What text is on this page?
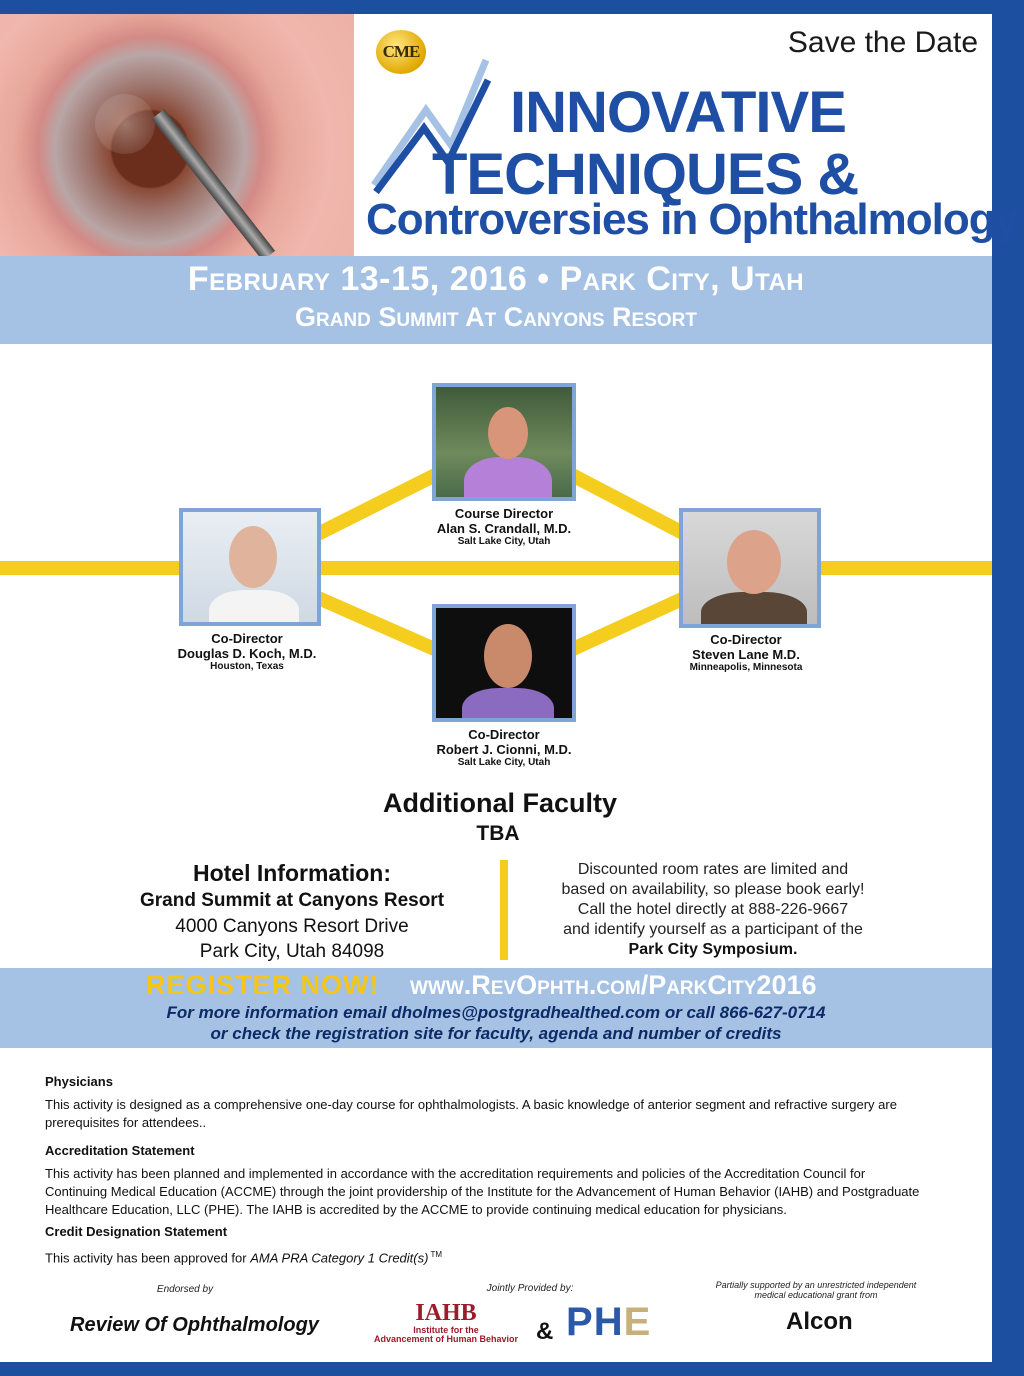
CME	Save the Date
INNOVATIVE
TECHNIQUES &
Controversies in Ophthalmology
February 13-15, 2016 • Park City, Utah
Grand Summit At Canyons Resort
Course Director
Alan S. Crandall, M.D.
Salt Lake City, Utah
Co-Director
Douglas D. Koch, M.D.
Houston, Texas
Co-Director
Steven Lane M.D.
Minneapolis, Minnesota
Co-Director
Robert J. Cionni, M.D.
Salt Lake City, Utah
Additional Faculty
TBA
Hotel Information:
Grand Summit at Canyons Resort
4000 Canyons Resort Drive
Park City, Utah 84098
Discounted room rates are limited and
based on availability, so please book early!
Call the hotel directly at 888-226-9667
and identify yourself as a participant of the
Park City Symposium.
REGISTER NOW! www.RevOphth.com/ParkCity2016
For more information email dholmes@postgradhealthed.com or call 866-627-0714
or check the registration site for faculty, agenda and number of credits
Physicians
This activity is designed as a comprehensive one-day course for ophthalmologists. A basic knowledge of anterior segment and refractive surgery are prerequisites for attendees..
Accreditation Statement
This activity has been planned and implemented in accordance with the accreditation requirements and policies of the Accreditation Council for Continuing Medical Education (ACCME) through the joint providership of the Institute for the Advancement of Human Behavior (IAHB) and Postgraduate Healthcare Education, LLC (PHE). The IAHB is accredited by the ACCME to provide continuing medical education for physicians.
Credit Designation Statement
This activity has been approved for AMA PRA Category 1 Credit(s) ™
Endorsed by
Review Of Ophthalmology
Jointly Provided by:
IAHB
Institute for the
Advancement of Human Behavior & PHE
Partially supported by an unrestricted independent
medical educational grant from
Alcon
